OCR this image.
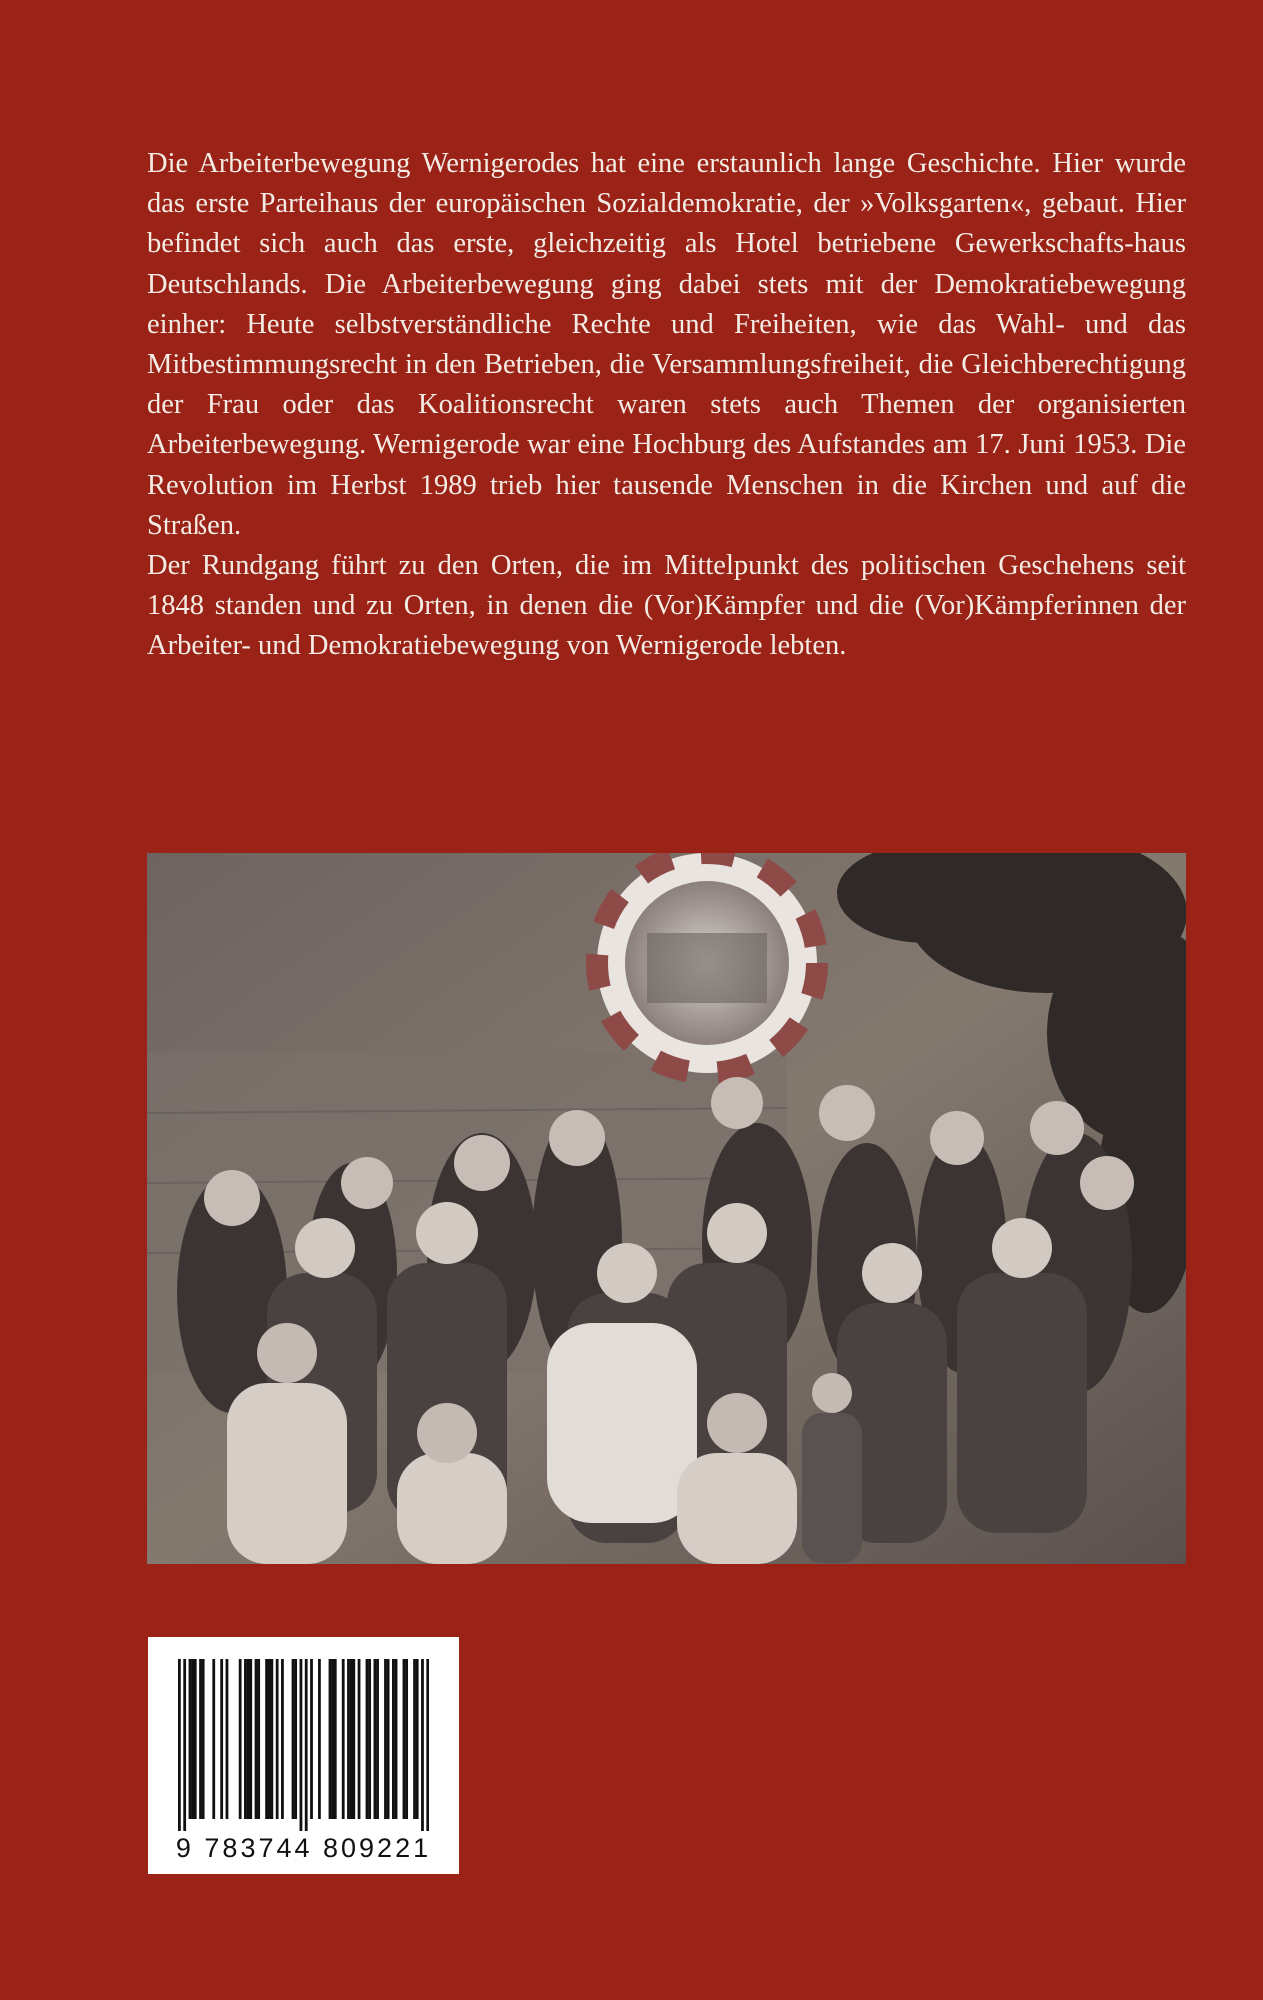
Die Arbeiterbewegung Wernigerodes hat eine erstaunlich lange Geschichte. Hier wurde das erste Parteihaus der europäischen Sozialdemokratie, der »Volksgarten«, gebaut. Hier befindet sich auch das erste, gleichzeitig als Hotel betriebene Gewerkschafts-haus Deutschlands. Die Arbeiterbewegung ging dabei stets mit der Demokratiebewegung einher: Heute selbstverständliche Rechte und Freiheiten, wie das Wahl- und das Mitbestimmungsrecht in den Betrieben, die Versammlungsfreiheit, die Gleichberechtigung der Frau oder das Koalitionsrecht waren stets auch Themen der organisierten Arbeiterbewegung. Wernigerode war eine Hochburg des Aufstandes am 17. Juni 1953. Die Revolution im Herbst 1989 trieb hier tausende Menschen in die Kirchen und auf die Straßen.

Der Rundgang führt zu den Orten, die im Mittelpunkt des politischen Geschehens seit 1848 standen und zu Orten, in denen die (Vor)Kämpfer und die (Vor)Kämpferinnen der Arbeiter- und Demokratiebewegung von Wernigerode lebten.

9 783744 809221
